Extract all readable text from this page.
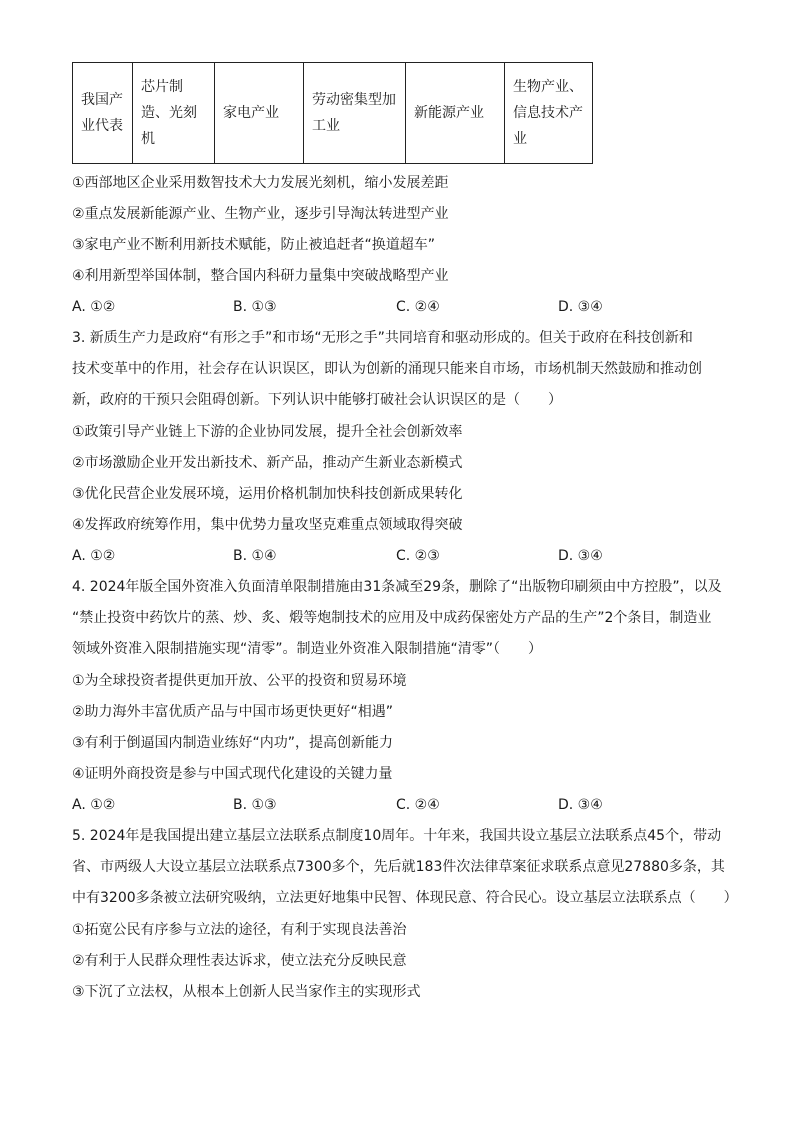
我国产业代表	芯片制造、光刻机	家电产业	劳动密集型加工业	新能源产业	生物产业、信息技术产业
①西部地区企业采用数智技术大力发展光刻机，缩小发展差距
②重点发展新能源产业、生物产业，逐步引导淘汰转进型产业
③家电产业不断利用新技术赋能，防止被追赶者“换道超车”
④利用新型举国体制，整合国内科研力量集中突破战略型产业
A. ①②	B. ①③	C. ②④	D. ③④
3. 新质生产力是政府“有形之手”和市场“无形之手”共同培育和驱动形成的。但关于政府在科技创新和
技术变革中的作用，社会存在认识误区，即认为创新的涌现只能来自市场，市场机制天然鼓励和推动创
新，政府的干预只会阻碍创新。下列认识中能够打破社会认识误区的是（　　）
①政策引导产业链上下游的企业协同发展，提升全社会创新效率
②市场激励企业开发出新技术、新产品，推动产生新业态新模式
③优化民营企业发展环境，运用价格机制加快科技创新成果转化
④发挥政府统筹作用，集中优势力量攻坚克难重点领域取得突破
A. ①②	B. ①④	C. ②③	D. ③④
4. 2024年版全国外资准入负面清单限制措施由31条减至29条，删除了“出版物印刷须由中方控股”，以及
“禁止投资中药饮片的蒸、炒、炙、煅等炮制技术的应用及中成药保密处方产品的生产”2个条目，制造业
领域外资准入限制措施实现“清零”。制造业外资准入限制措施“清零”（　　）
①为全球投资者提供更加开放、公平的投资和贸易环境
②助力海外丰富优质产品与中国市场更快更好“相遇”
③有利于倒逼国内制造业练好“内功”，提高创新能力
④证明外商投资是参与中国式现代化建设的关键力量
A. ①②	B. ①③	C. ②④	D. ③④
5. 2024年是我国提出建立基层立法联系点制度10周年。十年来，我国共设立基层立法联系点45个，带动
省、市两级人大设立基层立法联系点7300多个，先后就183件次法律草案征求联系点意见27880多条，其
中有3200多条被立法研究吸纳，立法更好地集中民智、体现民意、符合民心。设立基层立法联系点（　　）
①拓宽公民有序参与立法的途径，有利于实现良法善治
②有利于人民群众理性表达诉求，使立法充分反映民意
③下沉了立法权，从根本上创新人民当家作主的实现形式
